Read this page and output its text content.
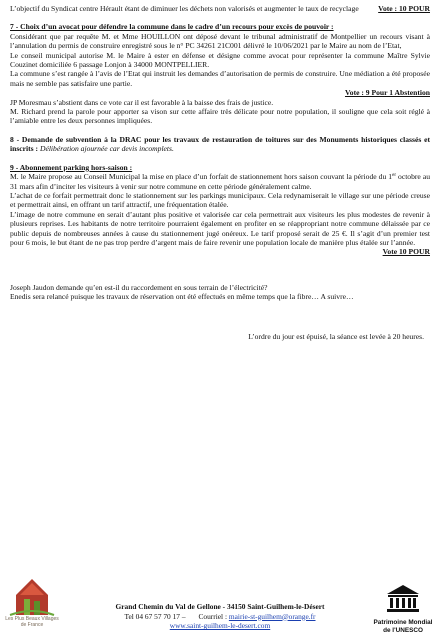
L’objectif du Syndicat centre Hérault étant de diminuer les déchets non valorisés et augmenter le taux de recyclage	Vote : 10 POUR

7 - Choix d’un avocat pour défendre la commune dans le cadre d’un recours pour excès de pouvoir :

Considérant que par requête M. et Mme HOUILLON ont déposé devant le tribunal administratif de Montpellier un recours visant à l’annulation du permis de construire enregistré sous le n° PC 34261 21C001 délivré le 10/06/2021 par le Maire au nom de l’Etat,

Le conseil municipal autorise M. le Maire à ester en défense et désigne comme avocat pour représenter la commune Maître Sylvie Couzinet domiciliée 6 passage Lonjon à 34000 MONTPELLIER.

La commune s’est rangée à l’avis de l’Etat qui instruit les demandes d’autorisation de permis de construire. Une médiation a été proposée mais ne semble pas satisfaire une partie.

Vote : 9 Pour 1 Abstention

JP Moresmau s’abstient dans ce vote car il est favorable à la baisse des frais de justice.

M. Richard prend la parole pour apporter sa vison sur cette affaire très délicate pour notre population, il souligne que cela soit réglé à l’amiable entre les deux personnes impliquées.

8 - Demande de subvention à la DRAC pour les travaux de restauration de toitures sur des Monuments historiques classés et inscrits : Délibération ajournée car devis incomplets.

9 - Abonnement parking hors-saison :

M. le Maire propose au Conseil Municipal la mise en place d’un forfait de stationnement hors saison couvant la période du 1er octobre au 31 mars afin d’inciter les visiteurs à venir sur notre commune en cette période généralement calme.

L’achat de ce forfait permettrait donc le stationnement sur les parkings municipaux. Cela redynamiserait le village sur une période creuse et permettrait ainsi, en offrant un tarif attractif, une fréquentation étalée.

L’image de notre commune en serait d’autant plus positive et valorisée car cela permettrait aux visiteurs les plus modestes de revenir à plusieurs reprises. Les habitants de notre territoire pourraient également en profiter en se réappropriant notre commune délaissée par ce public depuis de nombreuses années à cause du stationnement jugé onéreux. Le tarif proposé serait de 25 €. Il s’agit d’un premier test pour 6 mois, le but étant de ne pas trop perdre d’argent mais de faire revenir une population locale de manière plus étalée sur l’année.
Vote 10 POUR

Joseph Jaudon demande qu’en est-il du raccordement en sous terrain de l’électricité?

Enedis sera relancé puisque les travaux de réservation ont été effectués en même temps que la fibre… A suivre…

L’ordre du jour est épuisé, la séance est levée à 20 heures.

Les Plus Beaux Villages de France
Grand Chemin du Val de Gellone - 34150 Saint-Guilhem-le-Désert
Tel 04 67 57 70 17 – Courriel : mairie-st-guilhem@orange.fr
www.saint-guilhem-le-desert.com	Patrimoine Mondial
de l'UNESCO
